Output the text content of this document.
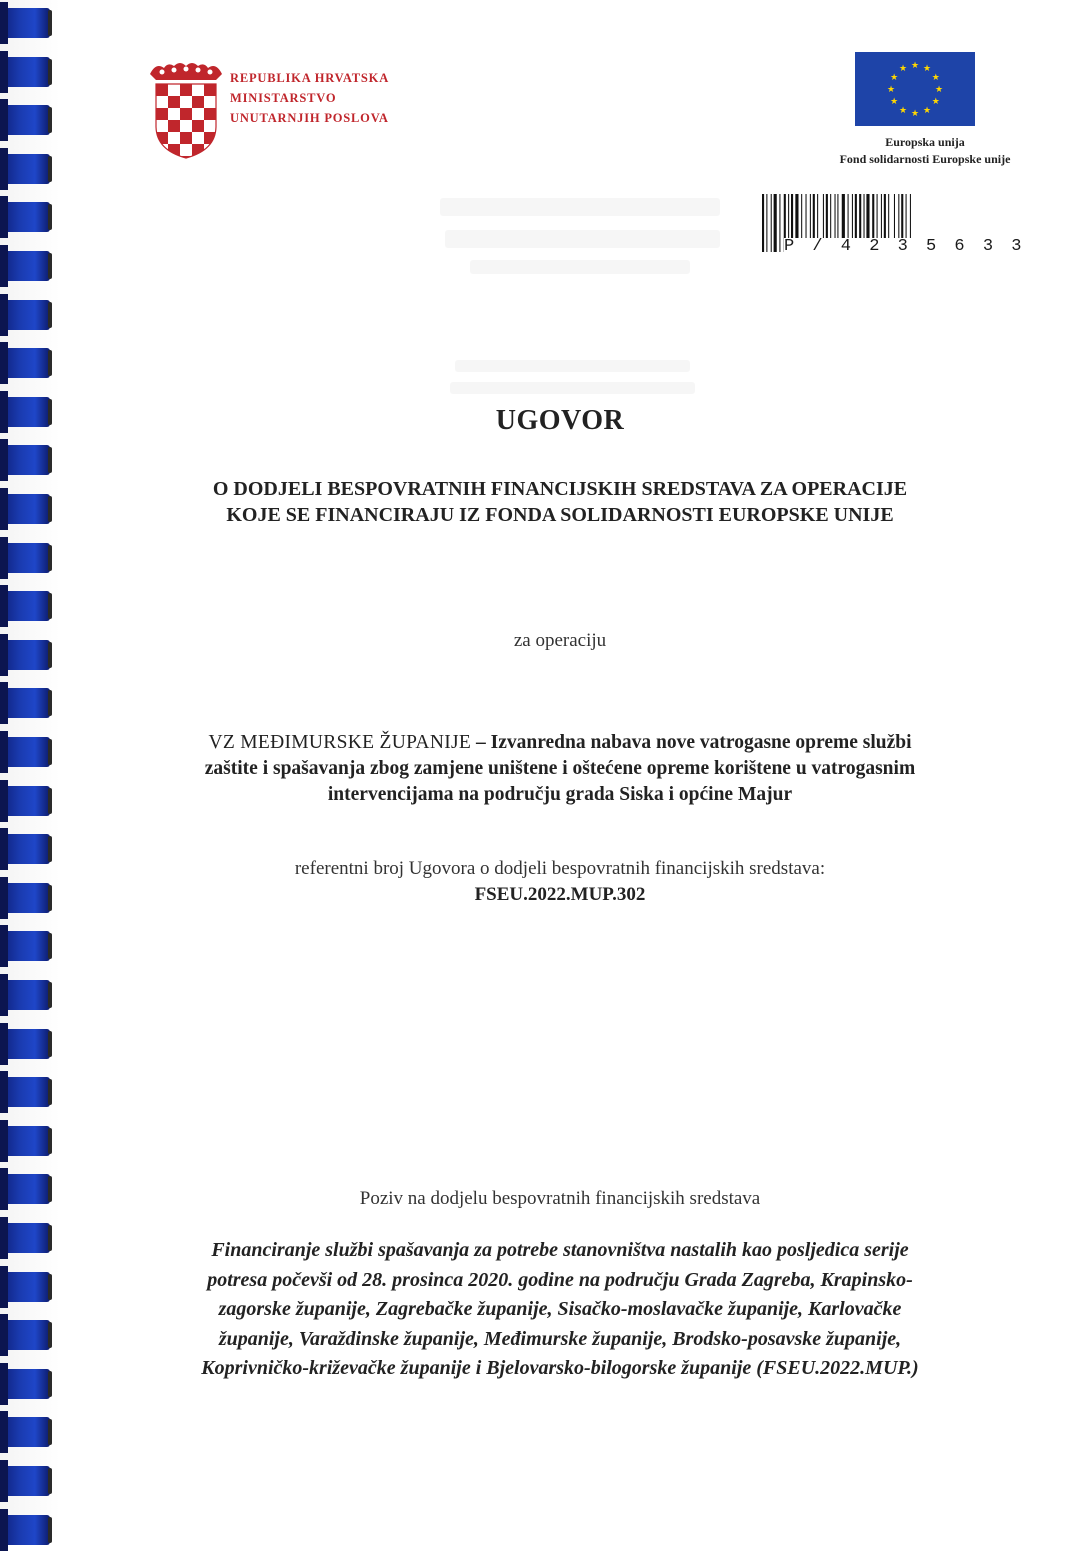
REPUBLIKA HRVATSKA
MINISTARSTVO
UNUTARNJIH POSLOVA
★
★
★
★
★
★
★
★
★ ★ ★
★
Europska unija
Fond solidarnosti Europske unije
P / 4 2 3 5 6 3 3
UGOVOR
O DODJELI BESPOVRATNIH FINANCIJSKIH SREDSTAVA ZA OPERACIJE
KOJE SE FINANCIRAJU IZ FONDA SOLIDARNOSTI EUROPSKE UNIJE
za operaciju
VZ MEĐIMURSKE ŽUPANIJE – Izvanredna nabava nove vatrogasne opreme službi
zaštite i spašavanja zbog zamjene uništene i oštećene opreme korištene u vatrogasnim
intervencijama na području grada Siska i općine Majur
referentni broj Ugovora o dodjeli bespovratnih financijskih sredstava:
FSEU.2022.MUP.302
Poziv na dodjelu bespovratnih financijskih sredstava
Financiranje službi spašavanja za potrebe stanovništva nastalih kao posljedica serije
potresa počevši od 28. prosinca 2020. godine na području Grada Zagreba, Krapinsko-
zagorske županije, Zagrebačke županije, Sisačko-moslavačke županije, Karlovačke
županije, Varaždinske županije, Međimurske županije, Brodsko-posavske županije,
Koprivničko-križevačke županije i Bjelovarsko-bilogorske županije (FSEU.2022.MUP.)
